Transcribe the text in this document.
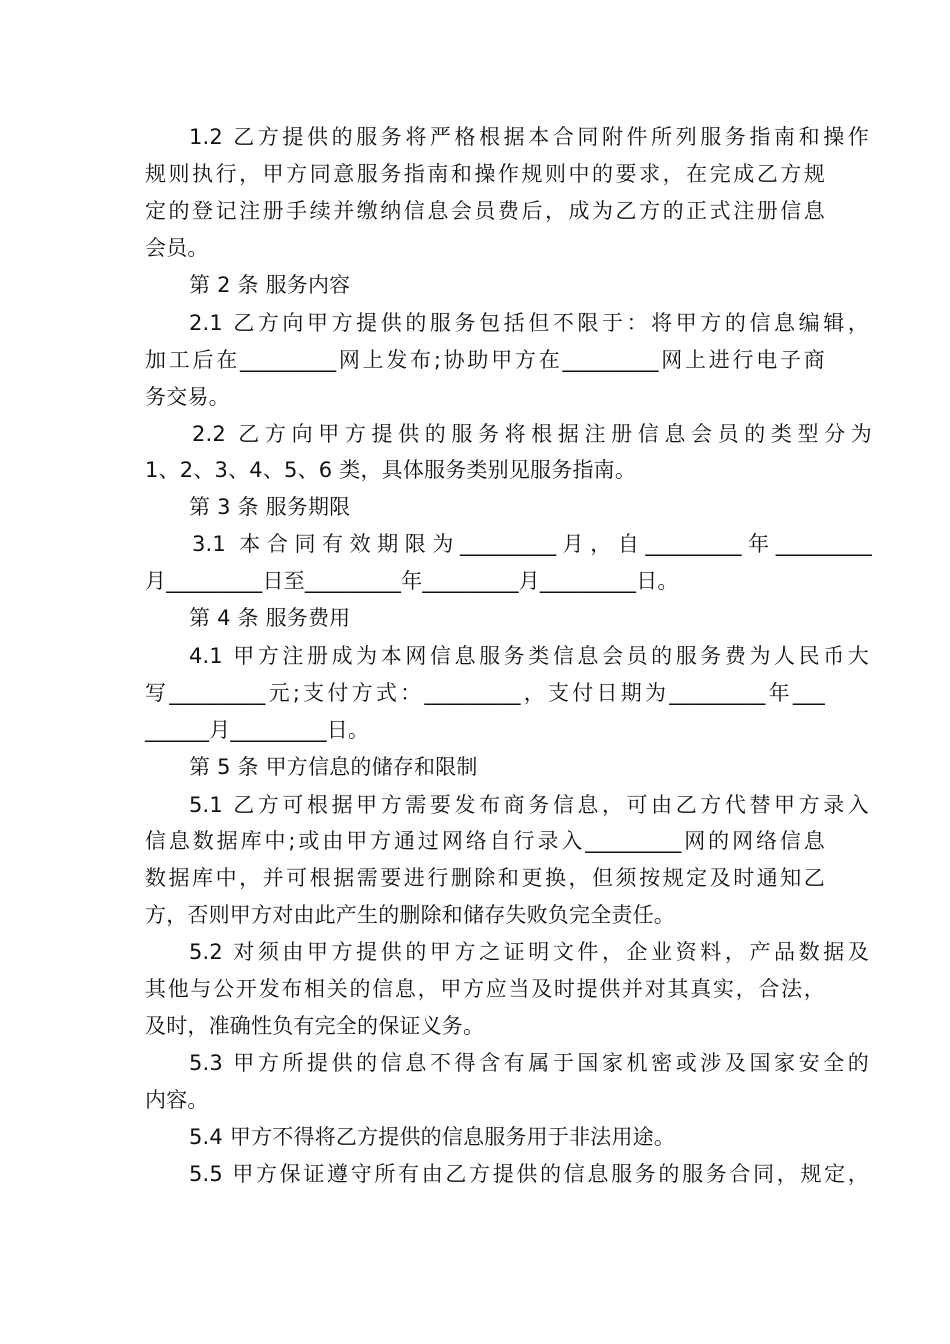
1.2 乙方提供的服务将严格根据本合同附件所列服务指南和操作
规则执行，甲方同意服务指南和操作规则中的要求，在完成乙方规
定的登记注册手续并缴纳信息会员费后，成为乙方的正式注册信息
会员。
第 2 条 服务内容
2.1 乙方向甲方提供的服务包括但不限于：将甲方的信息编辑，
加工后在_________网上发布;协助甲方在_________网上进行电子商
务交易。
2.2 乙方向甲方提供的服务将根据注册信息会员的类型分为
1、2、3、4、5、6 类，具体服务类别见服务指南。
第 3 条 服务期限
3.1 本合同有效期限为_________月，自_________年_________
月_________日至_________年_________月_________日。
第 4 条 服务费用
4.1 甲方注册成为本网信息服务类信息会员的服务费为人民币大
写_________元;支付方式：_________，支付日期为_________年___
______月_________日。
第 5 条 甲方信息的储存和限制
5.1 乙方可根据甲方需要发布商务信息，可由乙方代替甲方录入
信息数据库中;或由甲方通过网络自行录入_________网的网络信息
数据库中，并可根据需要进行删除和更换，但须按规定及时通知乙
方，否则甲方对由此产生的删除和储存失败负完全责任。
5.2 对须由甲方提供的甲方之证明文件，企业资料，产品数据及
其他与公开发布相关的信息，甲方应当及时提供并对其真实，合法，
及时，准确性负有完全的保证义务。
5.3 甲方所提供的信息不得含有属于国家机密或涉及国家安全的
内容。
5.4 甲方不得将乙方提供的信息服务用于非法用途。
5.5 甲方保证遵守所有由乙方提供的信息服务的服务合同，规定，
